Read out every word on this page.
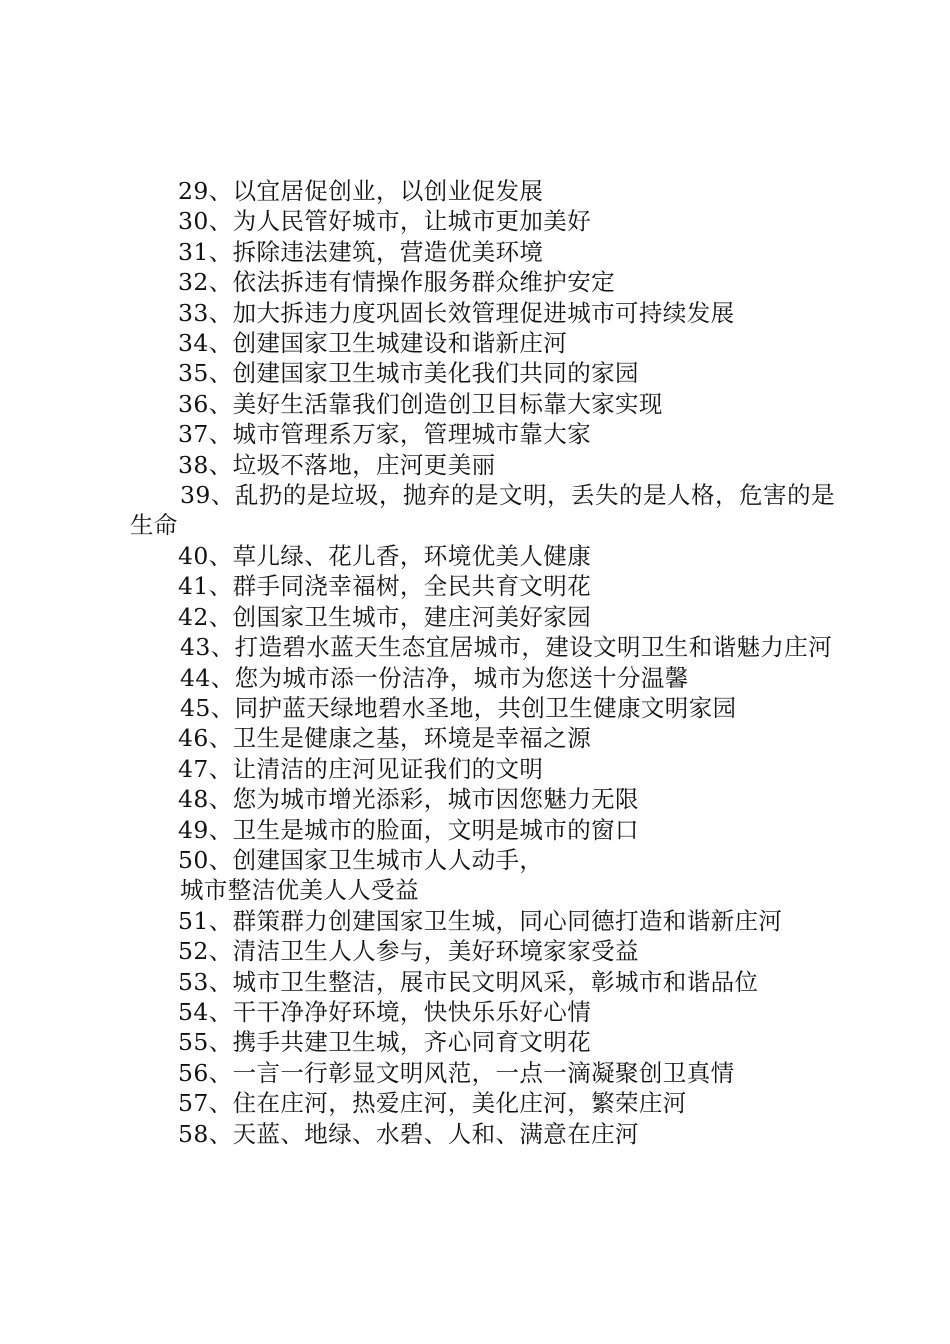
29、以宜居促创业，以创业促发展

30、为人民管好城市，让城市更加美好

31、拆除违法建筑，营造优美环境

32、依法拆违有情操作服务群众维护安定

33、加大拆违力度巩固长效管理促进城市可持续发展

34、创建国家卫生城建设和谐新庄河

35、创建国家卫生城市美化我们共同的家园

36、美好生活靠我们创造创卫目标靠大家实现

37、城市管理系万家，管理城市靠大家

38、垃圾不落地，庄河更美丽

39、乱扔的是垃圾，抛弃的是文明，丢失的是人格，危害的是生命

40、草儿绿、花儿香，环境优美人健康

41、群手同浇幸福树，全民共育文明花

42、创国家卫生城市，建庄河美好家园

43、打造碧水蓝天生态宜居城市，建设文明卫生和谐魅力庄河

44、您为城市添一份洁净，城市为您送十分温馨

45、同护蓝天绿地碧水圣地，共创卫生健康文明家园

46、卫生是健康之基，环境是幸福之源

47、让清洁的庄河见证我们的文明

48、您为城市增光添彩，城市因您魅力无限

49、卫生是城市的脸面，文明是城市的窗口

50、创建国家卫生城市人人动手，

城市整洁优美人人受益

51、群策群力创建国家卫生城，同心同德打造和谐新庄河

52、清洁卫生人人参与，美好环境家家受益

53、城市卫生整洁，展市民文明风采，彰城市和谐品位

54、干干净净好环境，快快乐乐好心情

55、携手共建卫生城，齐心同育文明花

56、一言一行彰显文明风范，一点一滴凝聚创卫真情

57、住在庄河，热爱庄河，美化庄河，繁荣庄河

58、天蓝、地绿、水碧、人和、满意在庄河
